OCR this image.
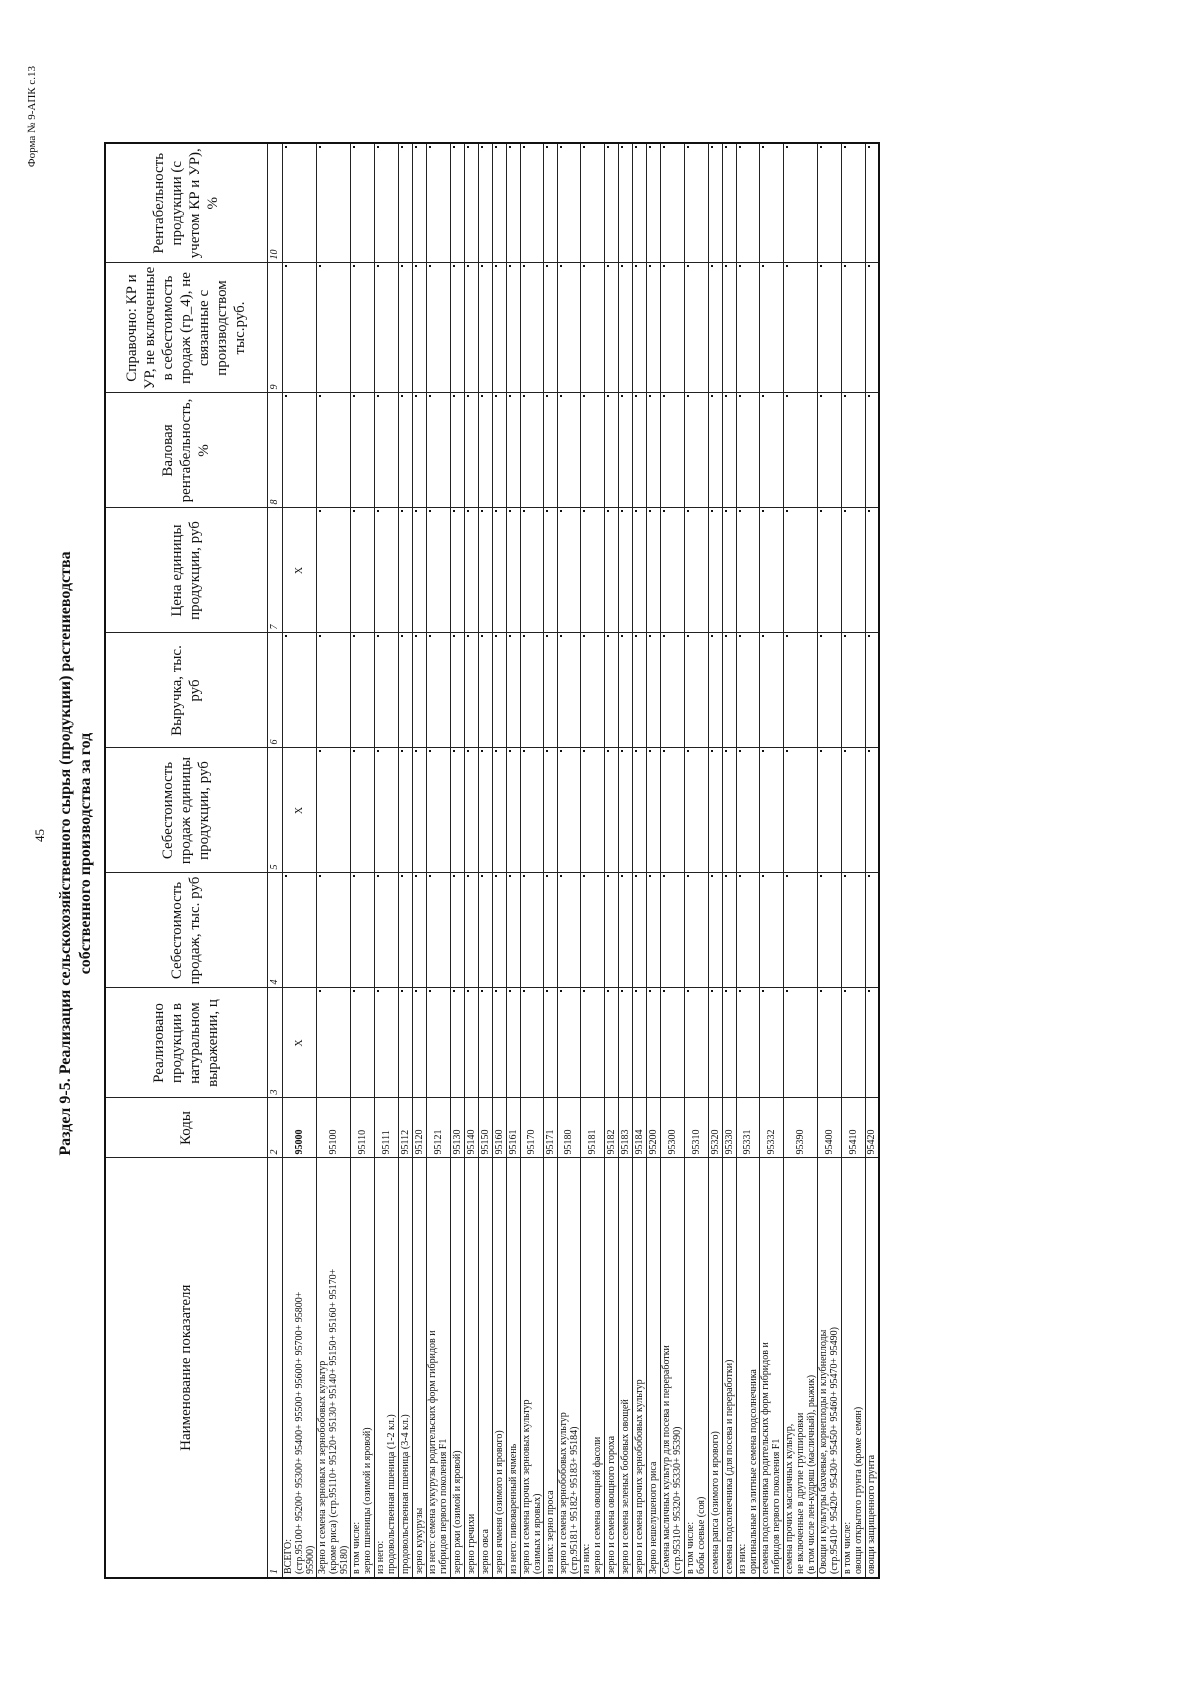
45
Форма № 9-АПК с.13
Раздел 9-5. Реализация сельскохозяйственного сырья (продукции) растениеводства собственного производства за год
Наименование показателя	Коды	Реализовано продукции в натуральном выражении, ц	Себестоимость продаж, тыс. руб	Себестоимость продаж единицы продукции, руб	Выручка, тыс. руб	Цена единицы продукции, руб	Валовая рентабельность, %	Справочно: КР и УР, не включенные в себестоимость продаж (гр_4), не связанные с производством тыс.руб.	Рентабельность продукции (с учетом КР и УР), %
1	2	3	4	5	6	7	8	9	10

ВСЕГО: (стр.95100+ 95200+ 95300+ 95400+ 95500+ 95600+ 95700+ 95800+ 95900)	95000	X		X		X			

Зерно и семена зерновых и зернобобовых культур (кроме риса) (стр.95110+ 95120+ 95130+ 95140+ 95150+ 95160+ 95170+ 95180)	95100								

в том числе: зерно пшеницы (озимой и яровой)	95110								

из него: продовольственная пшеница (1-2 кл.)	95111								

продовольственная пшеница (3-4 кл.)	95112								

зерно кукурузы	95120								

из него: семена кукурузы родительских форм гибридов и гибридов первого поколения F1	95121								

зерно ржи (озимой и яровой)	95130								

зерно гречихи	95140								

зерно овса	95150								

зерно ячменя (озимого и ярового)	95160								

из него: пивоваренный ячмень	95161								

зерно и семена прочих зерновых культур (озимых и яровых)	95170								

из них: зерно проса	95171								

зерно и семена зернобобовых культур (стр.95181+ 95182+ 95183+ 95184)	95180								

из них: зерно и семена овощной фасоли	95181								

зерно и семена овощного гороха	95182								

зерно и семена зеленых бобовых овощей	95183								

зерно и семена прочих зернобобовых культур	95184								

Зерно нешелушеного риса	95200								

Семена масличных культур для посева и переработки (стр.95310+ 95320+ 95330+ 95390)	95300								

в том числе: бобы соевые (соя)	95310								

семена рапса (озимого и ярового)	95320								

семена подсолнечника (для посева и переработки)	95330								

из них: оригинальные и элитные семена подсолнечника	95331								

семена подсолнечника родительских форм гибридов и гибридов первого поколения F1	95332								

семена прочих масличных культур, не включенные в другие группировки (в том числе лен-кудряш (масличный), рыжик)	95390								

Овощи и культуры бахчевые, корнеплоды и клубнеплоды (стр.95410+ 95420+ 95430+ 95450+ 95460+ 95470+ 95490)	95400								

в том числе: овощи открытого грунта (кроме семян)	95410								

овощи защищенного грунта	95420								
